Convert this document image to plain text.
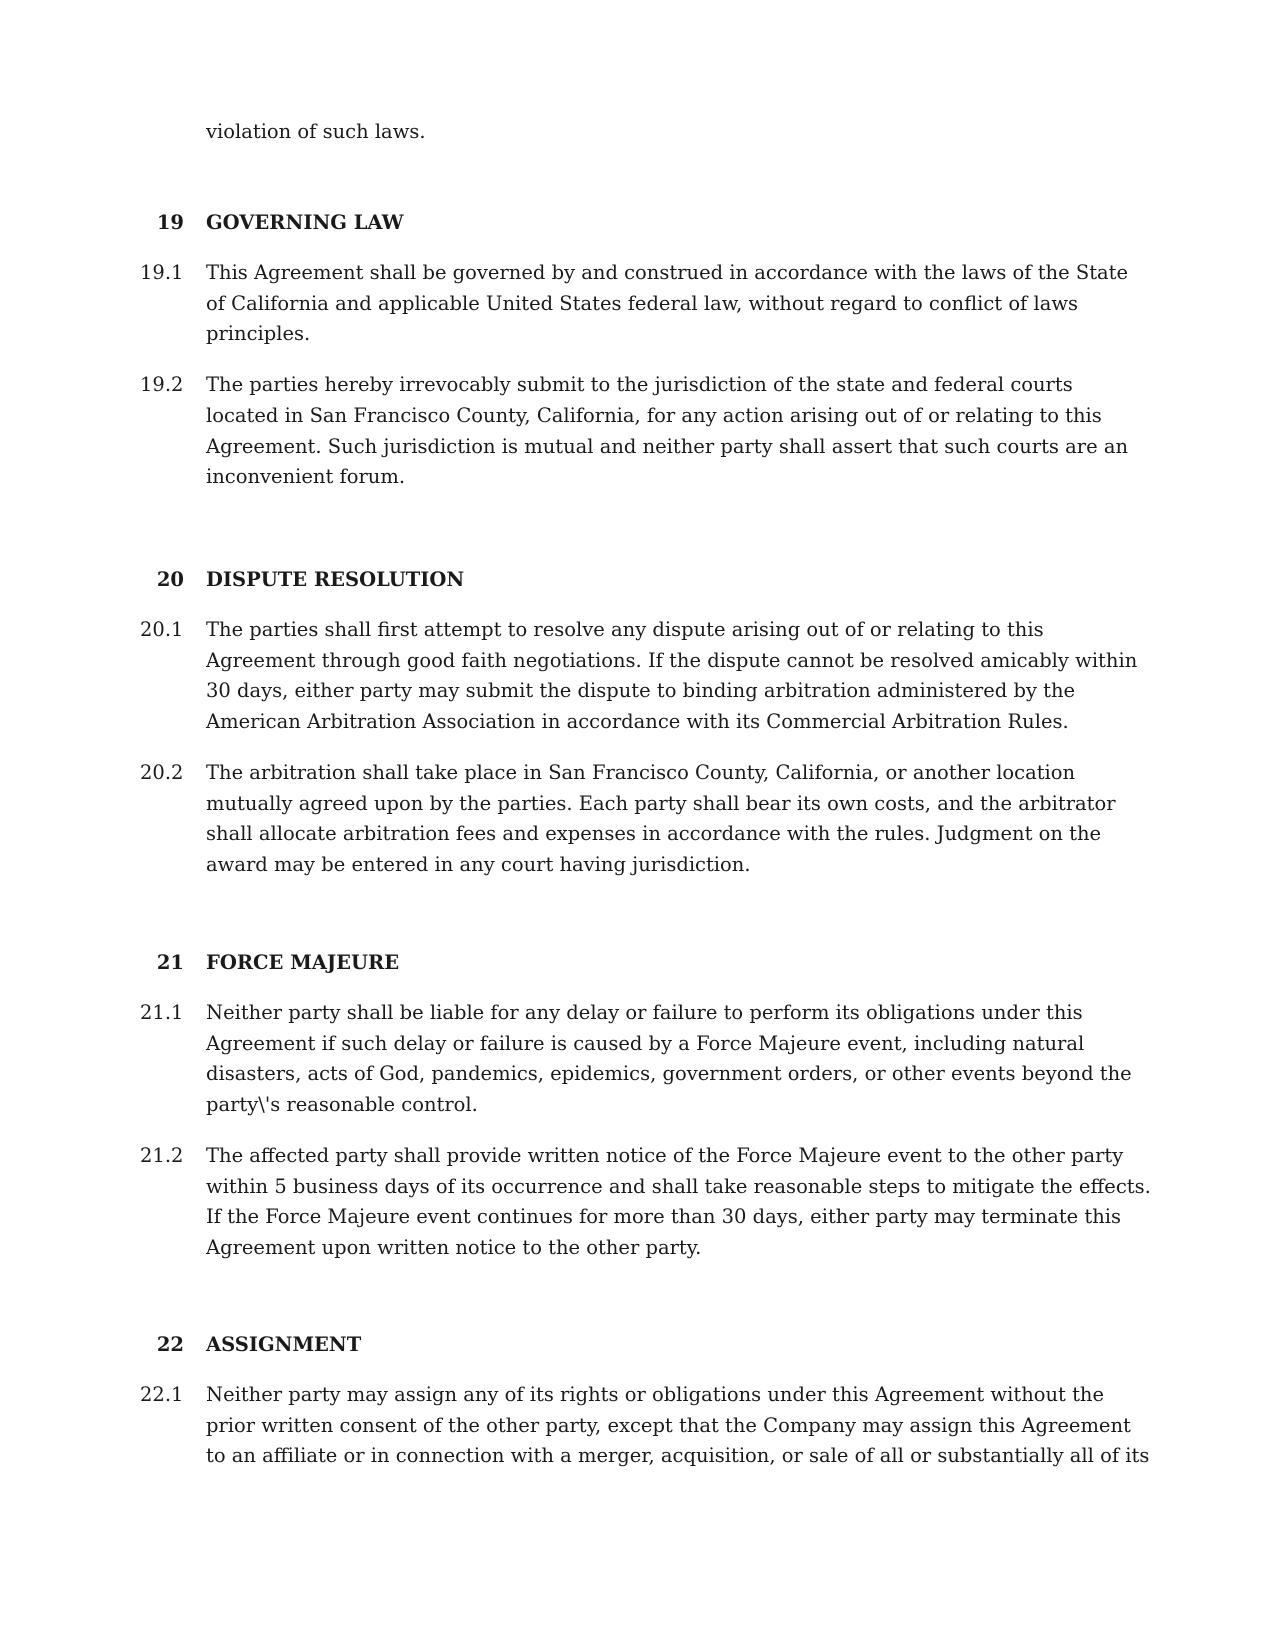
violation of such laws.
19 GOVERNING LAW
19.1 This Agreement shall be governed by and construed in accordance with the laws of the State
of California and applicable United States federal law, without regard to conflict of laws
principles.
19.2 The parties hereby irrevocably submit to the jurisdiction of the state and federal courts
located in San Francisco County, California, for any action arising out of or relating to this
Agreement. Such jurisdiction is mutual and neither party shall assert that such courts are an
inconvenient forum.
20 DISPUTE RESOLUTION
20.1 The parties shall first attempt to resolve any dispute arising out of or relating to this
Agreement through good faith negotiations. If the dispute cannot be resolved amicably within
30 days, either party may submit the dispute to binding arbitration administered by the
American Arbitration Association in accordance with its Commercial Arbitration Rules.
20.2 The arbitration shall take place in San Francisco County, California, or another location
mutually agreed upon by the parties. Each party shall bear its own costs, and the arbitrator
shall allocate arbitration fees and expenses in accordance with the rules. Judgment on the
award may be entered in any court having jurisdiction.
21 FORCE MAJEURE
21.1 Neither party shall be liable for any delay or failure to perform its obligations under this
Agreement if such delay or failure is caused by a Force Majeure event, including natural
disasters, acts of God, pandemics, epidemics, government orders, or other events beyond the
party\'s reasonable control.
21.2 The affected party shall provide written notice of the Force Majeure event to the other party
within 5 business days of its occurrence and shall take reasonable steps to mitigate the effects.
If the Force Majeure event continues for more than 30 days, either party may terminate this
Agreement upon written notice to the other party.
22 ASSIGNMENT
22.1 Neither party may assign any of its rights or obligations under this Agreement without the
prior written consent of the other party, except that the Company may assign this Agreement
to an affiliate or in connection with a merger, acquisition, or sale of all or substantially all of its
